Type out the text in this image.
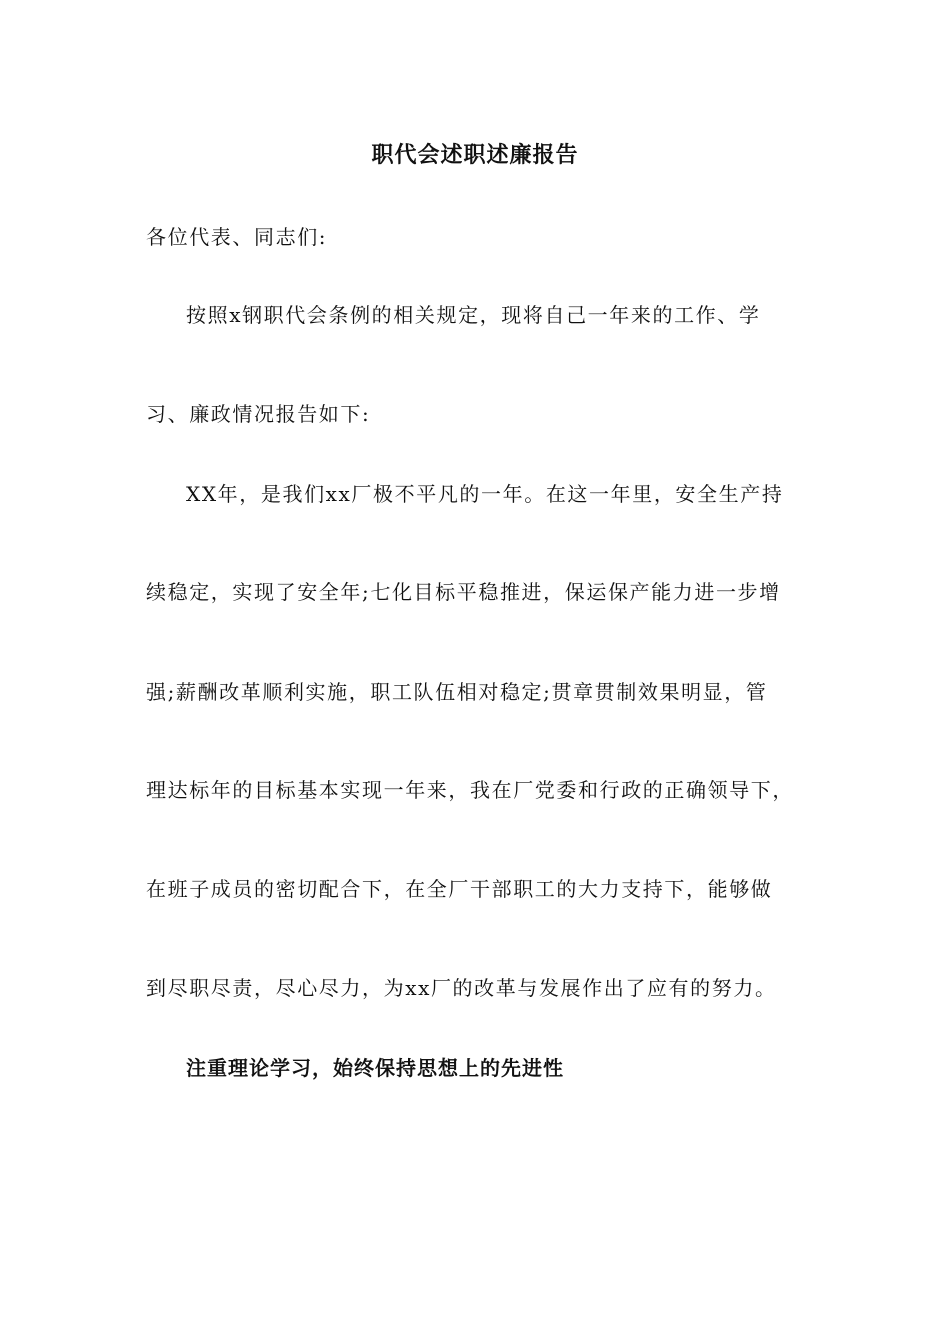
职代会述职述廉报告
各位代表、同志们:
按照x钢职代会条例的相关规定，现将自己一年来的工作、学
习、廉政情况报告如下:
XX年，是我们xx厂极不平凡的一年。在这一年里，安全生产持
续稳定，实现了安全年;七化目标平稳推进，保运保产能力进一步增
强;薪酬改革顺利实施，职工队伍相对稳定;贯章贯制效果明显，管
理达标年的目标基本实现一年来，我在厂党委和行政的正确领导下，
在班子成员的密切配合下，在全厂干部职工的大力支持下，能够做
到尽职尽责，尽心尽力，为xx厂的改革与发展作出了应有的努力。
注重理论学习，始终保持思想上的先进性
